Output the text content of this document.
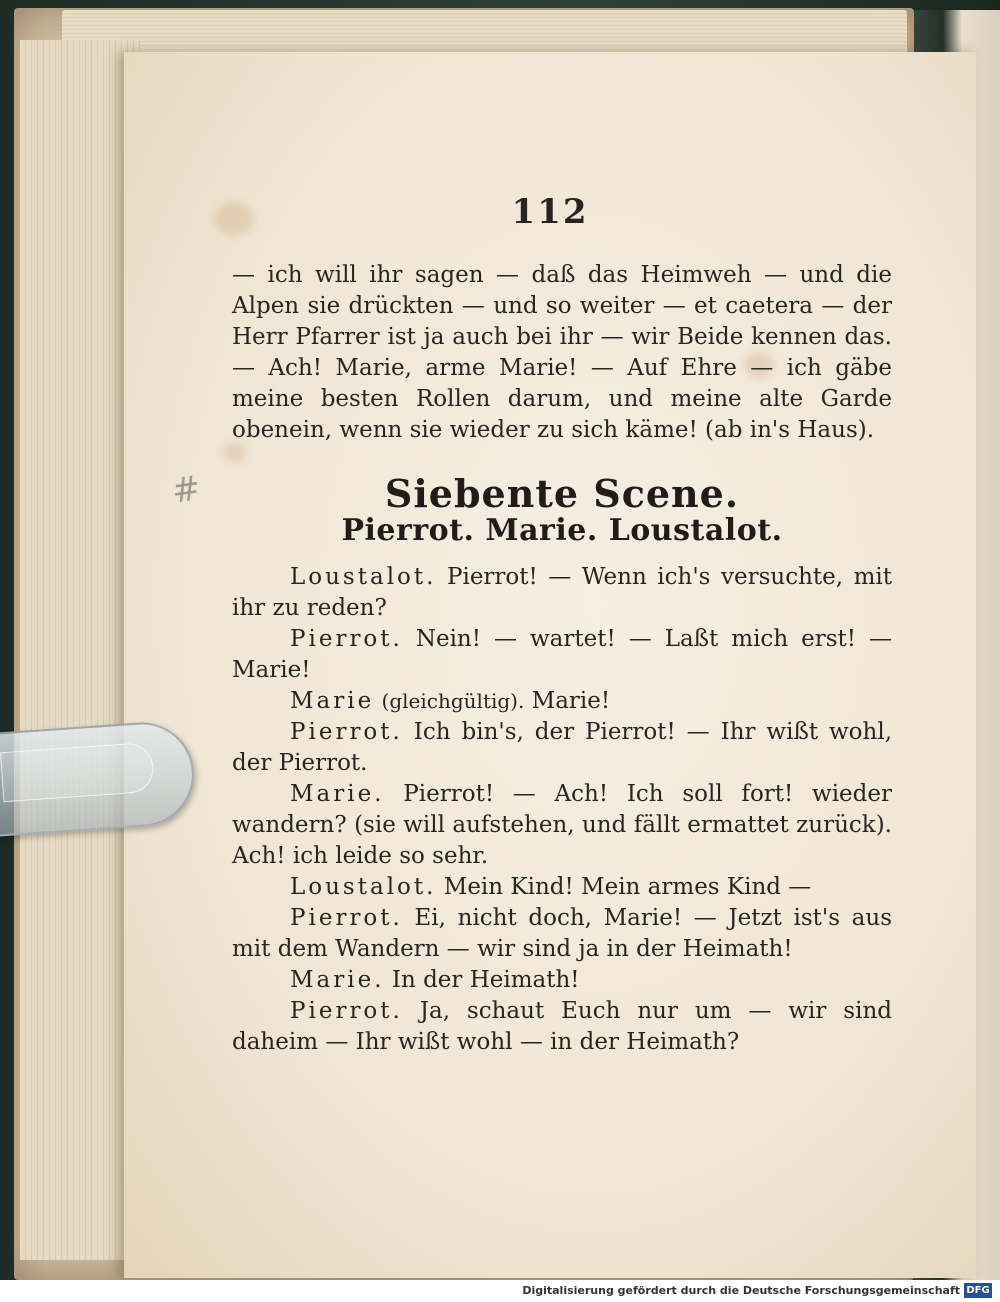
112

— ich will ihr sagen — daß das Heimweh — und die Alpen sie drückten — und so weiter — et caetera — der Herr Pfarrer ist ja auch bei ihr — wir Beide kennen das. — Ach! Marie, arme Marie! — Auf Ehre — ich gäbe meine besten Rollen darum, und meine alte Garde obenein, wenn sie wieder zu sich käme! (ab in's Haus).

Siebente Scene.
Pierrot. Marie. Loustalot.

Loustalot. Pierrot! — Wenn ich's versuchte, mit ihr zu reden?

Pierrot. Nein! — wartet! — Laßt mich erst! — Marie!

Marie (gleichgültig). Marie!

Pierrot. Ich bin's, der Pierrot! — Ihr wißt wohl, der Pierrot.

Marie. Pierrot! — Ach! Ich soll fort! wieder wandern? (sie will aufstehen, und fällt ermattet zurück). Ach! ich leide so sehr.

Loustalot. Mein Kind! Mein armes Kind —

Pierrot. Ei, nicht doch, Marie! — Jetzt ist's aus mit dem Wandern — wir sind ja in der Heimath!

Marie. In der Heimath!

Pierrot. Ja, schaut Euch nur um — wir sind daheim — Ihr wißt wohl — in der Heimath?

#
Digitalisierung gefördert durch die Deutsche Forschungsgemeinschaft DFG
